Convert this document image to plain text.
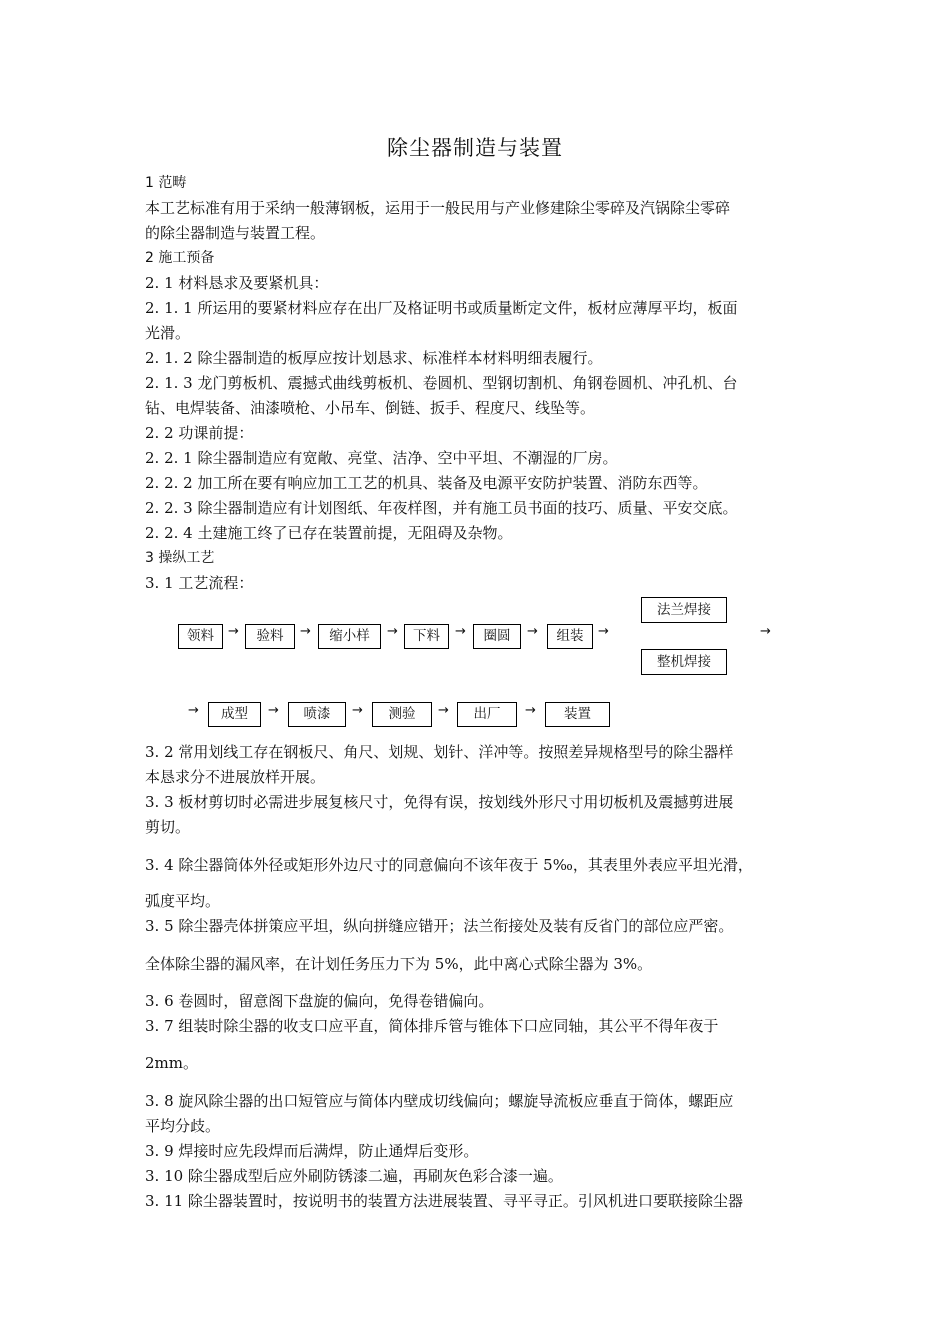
除尘器制造与装置
1 范畴
本工艺标准有用于采纳一般薄钢板，运用于一般民用与产业修建除尘零碎及汽锅除尘零碎
的除尘器制造与装置工程。
2 施工预备
2. 1 材料恳求及要紧机具：
2. 1. 1 所运用的要紧材料应存在出厂及格证明书或质量断定文件，板材应薄厚平均，板面
光滑。
2. 1. 2 除尘器制造的板厚应按计划恳求、标准样本材料明细表履行。
2. 1. 3 龙门剪板机、震撼式曲线剪板机、卷圆机、型钢切割机、角钢卷圆机、冲孔机、台
钻、电焊装备、油漆喷枪、小吊车、倒链、扳手、程度尺、线坠等。
2. 2 功课前提：
2. 2. 1 除尘器制造应有宽敞、亮堂、洁净、空中平坦、不潮湿的厂房。
2. 2. 2 加工所在要有响应加工工艺的机具、装备及电源平安防护装置、消防东西等。
2. 2. 3 除尘器制造应有计划图纸、年夜样图，并有施工员书面的技巧、质量、平安交底。
2. 2. 4 土建施工终了已存在装置前提，无阻碍及杂物。
3 操纵工艺
3. 1 工艺流程：
领料	→	验料	→	缩小样	→	下料	→	圈圆	→	组装	→
法兰焊接
整机焊接
→
→	成型	→	喷漆	→	测验	→	出厂	→	装置
3. 2 常用划线工存在钢板尺、角尺、划规、划针、洋冲等。按照差异规格型号的除尘器样
本恳求分不进展放样开展。
3. 3 板材剪切时必需进步展复核尺寸，免得有误，按划线外形尺寸用切板机及震撼剪进展
剪切。
3. 4 除尘器筒体外径或矩形外边尺寸的同意偏向不该年夜于 5‰，其表里外表应平坦光滑，
弧度平均。
3. 5 除尘器壳体拼策应平坦，纵向拼缝应错开；法兰衔接处及装有反省门的部位应严密。
全体除尘器的漏风率，在计划任务压力下为 5%，此中离心式除尘器为 3%。
3. 6 卷圆时，留意阁下盘旋的偏向，免得卷错偏向。
3. 7 组装时除尘器的收支口应平直，简体排斥管与锥体下口应同轴，其公平不得年夜于
2mm。
3. 8 旋风除尘器的出口短管应与简体内壁成切线偏向；螺旋导流板应垂直于筒体，螺距应
平均分歧。
3. 9 焊接时应先段焊而后满焊，防止通焊后变形。
3. 10 除尘器成型后应外刷防锈漆二遍，再刷灰色彩合漆一遍。
3. 11 除尘器装置时，按说明书的装置方法进展装置、寻平寻正。引风机进口要联接除尘器
